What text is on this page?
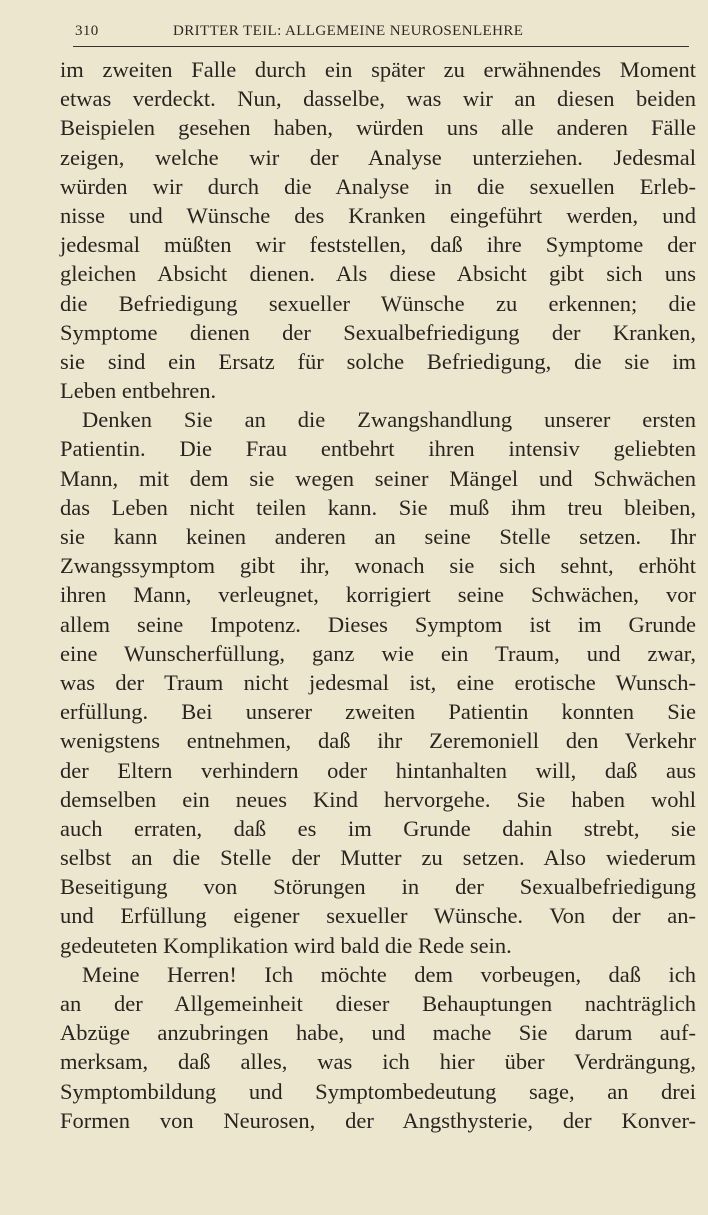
310	DRITTER TEIL: ALLGEMEINE NEUROSENLEHRE
im zweiten Falle durch ein später zu erwähnendes Moment
etwas verdeckt. Nun, dasselbe, was wir an diesen beiden
Beispielen gesehen haben, würden uns alle anderen Fälle
zeigen, welche wir der Analyse unterziehen. Jedesmal
würden wir durch die Analyse in die sexuellen Erleb-
nisse und Wünsche des Kranken eingeführt werden, und
jedesmal müßten wir feststellen, daß ihre Symptome der
gleichen Absicht dienen. Als diese Absicht gibt sich uns
die Befriedigung sexueller Wünsche zu erkennen; die
Symptome dienen der Sexualbefriedigung der Kranken,
sie sind ein Ersatz für solche Befriedigung, die sie im
Leben entbehren.
Denken Sie an die Zwangshandlung unserer ersten
Patientin. Die Frau entbehrt ihren intensiv geliebten
Mann, mit dem sie wegen seiner Mängel und Schwächen
das Leben nicht teilen kann. Sie muß ihm treu bleiben,
sie kann keinen anderen an seine Stelle setzen. Ihr
Zwangssymptom gibt ihr, wonach sie sich sehnt, erhöht
ihren Mann, verleugnet, korrigiert seine Schwächen, vor
allem seine Impotenz. Dieses Symptom ist im Grunde
eine Wunscherfüllung, ganz wie ein Traum, und zwar,
was der Traum nicht jedesmal ist, eine erotische Wunsch-
erfüllung. Bei unserer zweiten Patientin konnten Sie
wenigstens entnehmen, daß ihr Zeremoniell den Verkehr
der Eltern verhindern oder hintanhalten will, daß aus
demselben ein neues Kind hervorgehe. Sie haben wohl
auch erraten, daß es im Grunde dahin strebt, sie
selbst an die Stelle der Mutter zu setzen. Also wiederum
Beseitigung von Störungen in der Sexualbefriedigung
und Erfüllung eigener sexueller Wünsche. Von der an-
gedeuteten Komplikation wird bald die Rede sein.
Meine Herren! Ich möchte dem vorbeugen, daß ich
an der Allgemeinheit dieser Behauptungen nachträglich
Abzüge anzubringen habe, und mache Sie darum auf-
merksam, daß alles, was ich hier über Verdrängung,
Symptombildung und Symptombedeutung sage, an drei
Formen von Neurosen, der Angsthysterie, der Konver-
